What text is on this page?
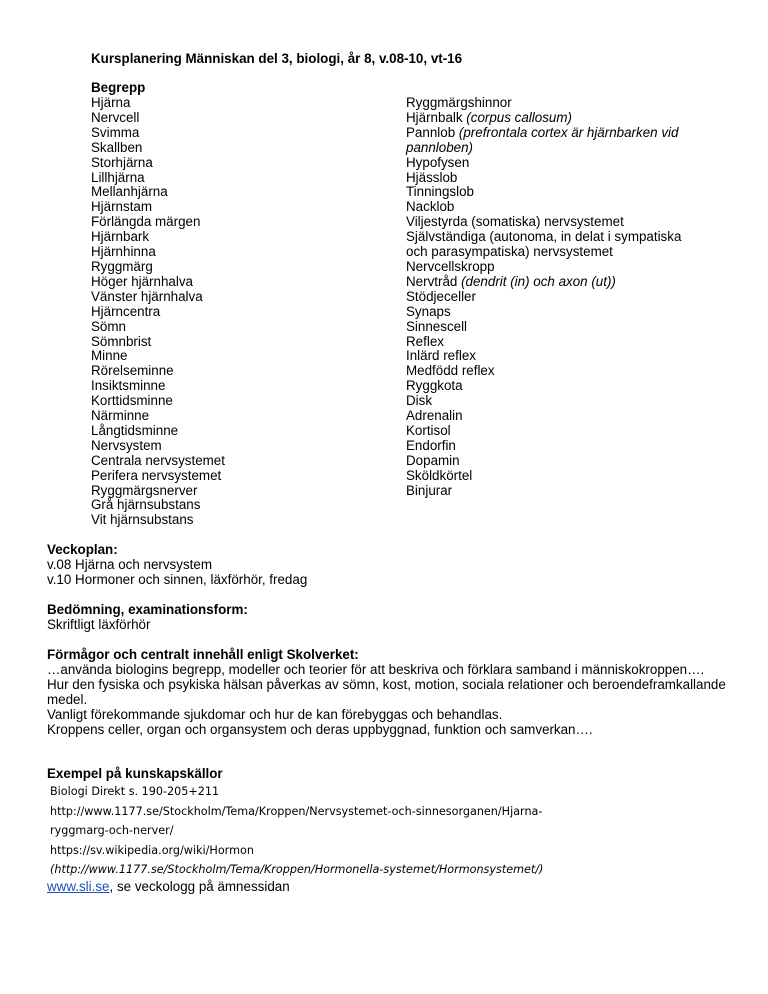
Kursplanering Människan del 3, biologi, år 8, v.08-10, vt-16
Begrepp
Hjärna
Nervcell
Svimma
Skallben
Storhjärna
Lillhjärna
Mellanhjärna
Hjärnstam
Förlängda märgen
Hjärnbark
Hjärnhinna
Ryggmärg
Höger hjärnhalva
Vänster hjärnhalva
Hjärncentra
Sömn
Sömnbrist
Minne
Rörelseminne
Insiktsminne
Korttidsminne
Närminne
Långtidsminne
Nervsystem
Centrala nervsystemet
Perifera nervsystemet
Ryggmärgsnerver
Grå hjärnsubstans
Vit hjärnsubstans
Ryggmärgshinnor
Hjärnbalk (corpus callosum)
Pannlob (prefrontala cortex är hjärnbarken vid pannloben)
Hypofysen
Hjässlob
Tinningslob
Nacklob
Viljestyrda (somatiska) nervsystemet
Självständiga (autonoma, in delat i sympatiska och parasympatiska) nervsystemet
Nervcellskropp
Nervtråd (dendrit (in) och axon (ut))
Stödjeceller
Synaps
Sinnescell
Reflex
Inlärd reflex
Medfödd reflex
Ryggkota
Disk
Adrenalin
Kortisol
Endorfin
Dopamin
Sköldkörtel
Binjurar
Veckoplan:
v.08 Hjärna och nervsystem
v.10 Hormoner och sinnen, läxförhör, fredag
Bedömning, examinationsform:
Skriftligt läxförhör
Förmågor och centralt innehåll enligt Skolverket:
…använda biologins begrepp, modeller och teorier för att beskriva och förklara samband i människokroppen….
Hur den fysiska och psykiska hälsan påverkas av sömn, kost, motion, sociala relationer och beroendeframkallande medel.
Vanligt förekommande sjukdomar och hur de kan förebyggas och behandlas.
Kroppens celler, organ och organsystem och deras uppbyggnad, funktion och samverkan….
Exempel på kunskapskällor
Biologi Direkt s. 190-205+211
http://www.1177.se/Stockholm/Tema/Kroppen/Nervsystemet-och-sinnesorganen/Hjarna-
ryggmarg-och-nerver/
https://sv.wikipedia.org/wiki/Hormon
(http://www.1177.se/Stockholm/Tema/Kroppen/Hormonella-systemet/Hormonsystemet/)
www.sli.se, se veckologg på ämnessidan
